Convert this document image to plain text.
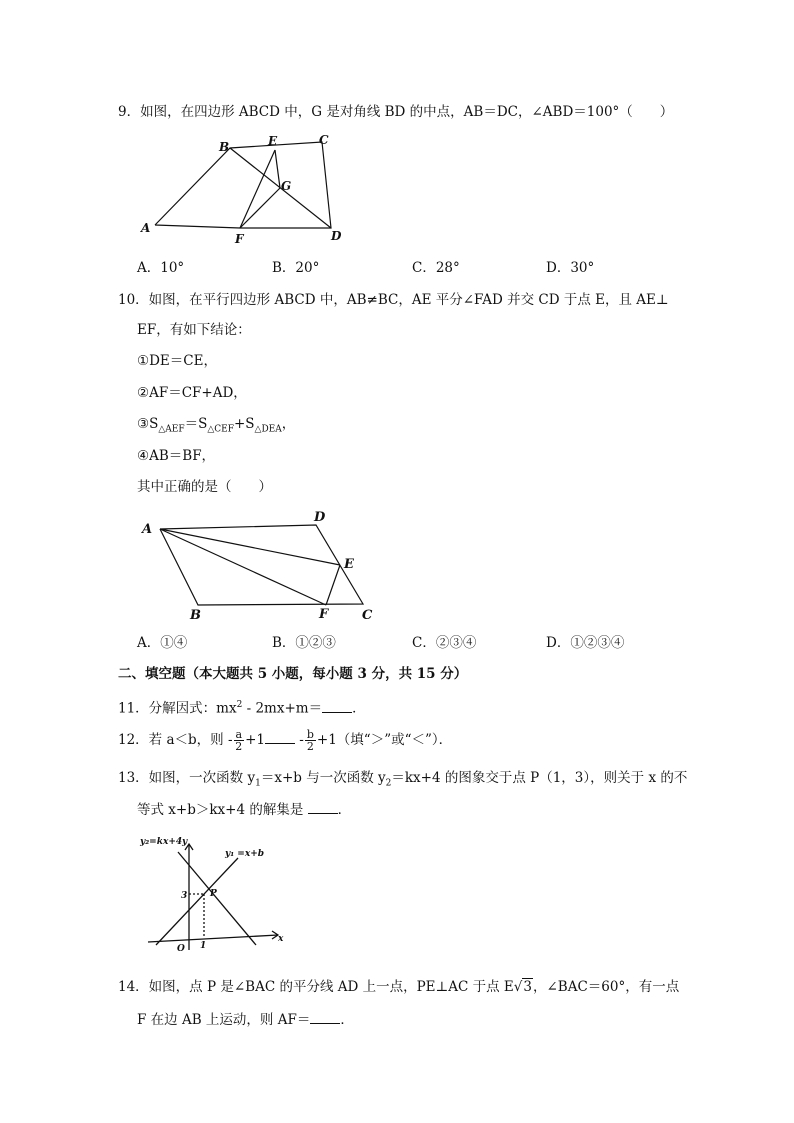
9．如图，在四边形 ABCD 中，G 是对角线 BD 的中点，AB＝DC，∠ABD＝100°（　　）
A
B	C
D
E
F
G
A．10°	B．20°	C．28°	D．30°
10．如图，在平行四边形 ABCD 中，AB≠BC，AE 平分∠FAD 并交 CD 于点 E，且 AE⊥
EF，有如下结论：
①DE＝CE，
②AF＝CF+AD，
$③S_{\triangle AEF}=S_{\triangle CEF}+S_{\triangle DEA}$，
④AB＝BF，
其中正确的是（　　）
A
B	C
D
E
F
A．①④	B．①②③	C．②③④	D．①②③④
二、填空题（本大题共 5 小题，每小题 3 分，共 15 分）
11．分解因式：$mx^2 - 2mx+m=$ ．
12．若 a＜b，则 - $\frac{a}{2} +1 - \frac{b}{2} +1$（填“＞”或“＜”）．
13．如图，一次函数 $y_1=x+b$ 与一次函数 $y_2=kx+4$ 的图象交于点 P（1，3），则关于 x 的不
等式 x+b＞kx+4 的解集是	．
y₂=kx+4 y
y₁ =x+b
P
3
O 1
x
14．如图，点 P 是∠BAC 的平分线 AD 上一点，PE⊥AC 于点 E√3，∠BAC＝60°，有一点
F 在边 AB 上运动，则 AF＝ ．
